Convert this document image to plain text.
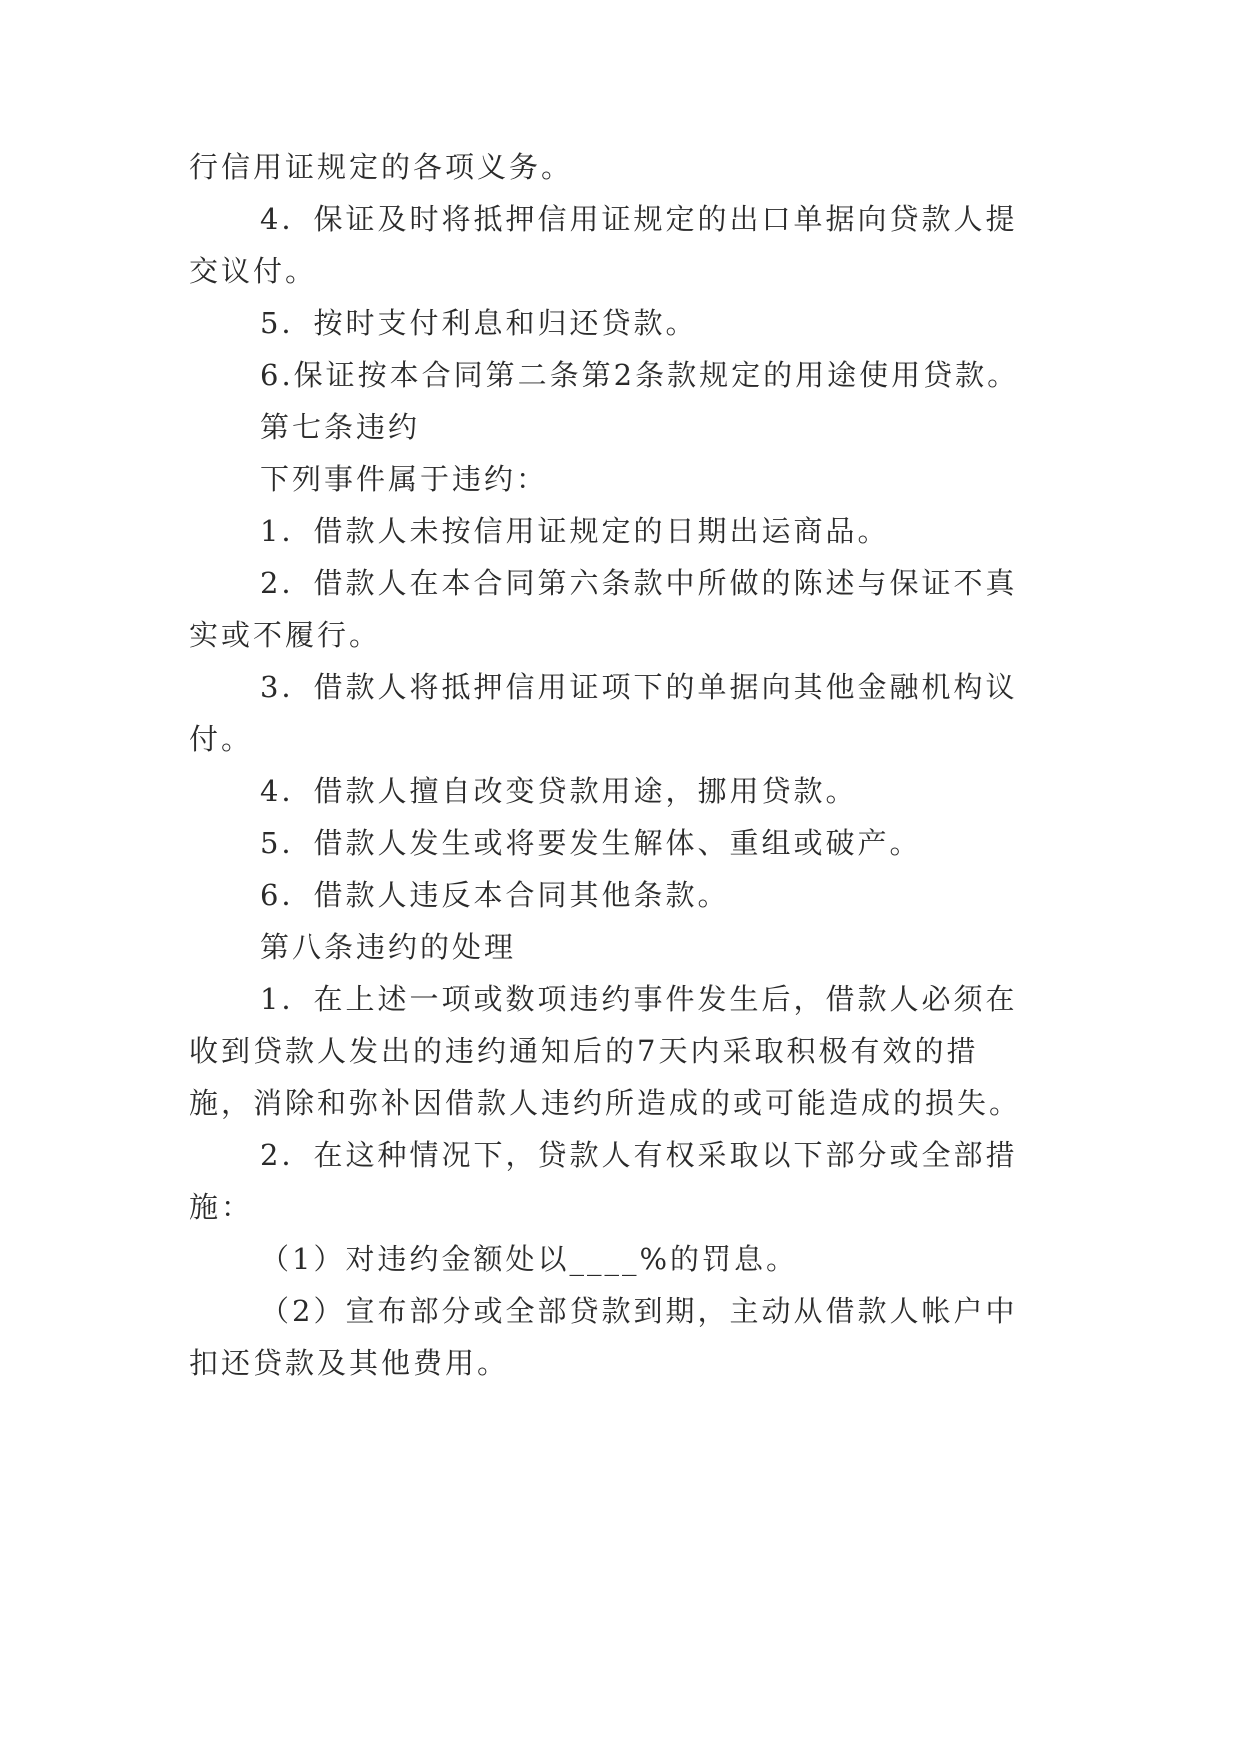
行信用证规定的各项义务。
4．保证及时将抵押信用证规定的出口单据向贷款人提
交议付。
5．按时支付利息和归还贷款。
6.保证按本合同第二条第2条款规定的用途使用贷款。
第七条违约
下列事件属于违约：
1．借款人未按信用证规定的日期出运商品。
2．借款人在本合同第六条款中所做的陈述与保证不真
实或不履行。
3．借款人将抵押信用证项下的单据向其他金融机构议
付。
4．借款人擅自改变贷款用途，挪用贷款。
5．借款人发生或将要发生解体、重组或破产。
6．借款人违反本合同其他条款。
第八条违约的处理
1．在上述一项或数项违约事件发生后，借款人必须在
收到贷款人发出的违约通知后的7天内采取积极有效的措
施，消除和弥补因借款人违约所造成的或可能造成的损失。
2．在这种情况下，贷款人有权采取以下部分或全部措
施：
（1）对违约金额处以____%的罚息。
（2）宣布部分或全部贷款到期，主动从借款人帐户中
扣还贷款及其他费用。
